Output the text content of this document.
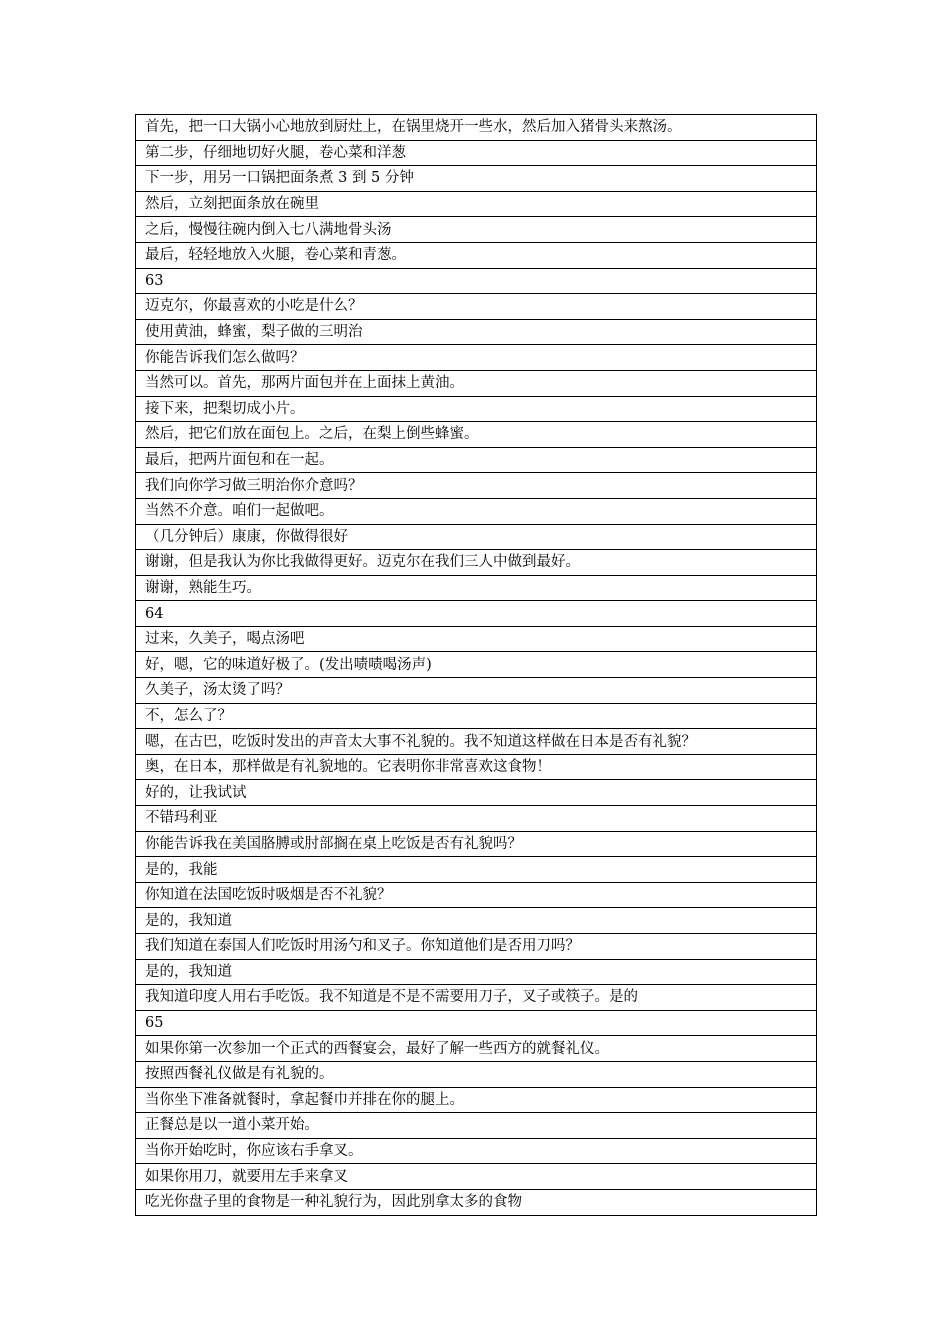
首先，把一口大锅小心地放到厨灶上，在锅里烧开一些水，然后加入猪骨头来熬汤。
第二步，仔细地切好火腿，卷心菜和洋葱
下一步，用另一口锅把面条煮 3 到 5 分钟
然后，立刻把面条放在碗里
之后，慢慢往碗内倒入七八满地骨头汤
最后，轻轻地放入火腿，卷心菜和青葱。
63
迈克尔，你最喜欢的小吃是什么？
使用黄油，蜂蜜，梨子做的三明治
你能告诉我们怎么做吗？
当然可以。首先，那两片面包并在上面抹上黄油。
接下来，把梨切成小片。
然后，把它们放在面包上。之后，在梨上倒些蜂蜜。
最后，把两片面包和在一起。
我们向你学习做三明治你介意吗？
当然不介意。咱们一起做吧。
（几分钟后）康康，你做得很好
谢谢，但是我认为你比我做得更好。迈克尔在我们三人中做到最好。
谢谢，熟能生巧。
64
过来，久美子，喝点汤吧
好，嗯，它的味道好极了。(发出啧啧喝汤声)
久美子，汤太烫了吗？
不，怎么了？
嗯，在古巴，吃饭时发出的声音太大事不礼貌的。我不知道这样做在日本是否有礼貌？
奥，在日本，那样做是有礼貌地的。它表明你非常喜欢这食物！
好的，让我试试
不错玛利亚
你能告诉我在美国胳膊或肘部搁在桌上吃饭是否有礼貌吗？
是的，我能
你知道在法国吃饭时吸烟是否不礼貌？
是的，我知道
我们知道在泰国人们吃饭时用汤勺和叉子。你知道他们是否用刀吗？
是的，我知道
我知道印度人用右手吃饭。我不知道是不是不需要用刀子，叉子或筷子。是的
65
如果你第一次参加一个正式的西餐宴会，最好了解一些西方的就餐礼仪。
按照西餐礼仪做是有礼貌的。
当你坐下准备就餐时，拿起餐巾并排在你的腿上。
正餐总是以一道小菜开始。
当你开始吃时，你应该右手拿叉。
如果你用刀，就要用左手来拿叉
吃光你盘子里的食物是一种礼貌行为，因此别拿太多的食物
